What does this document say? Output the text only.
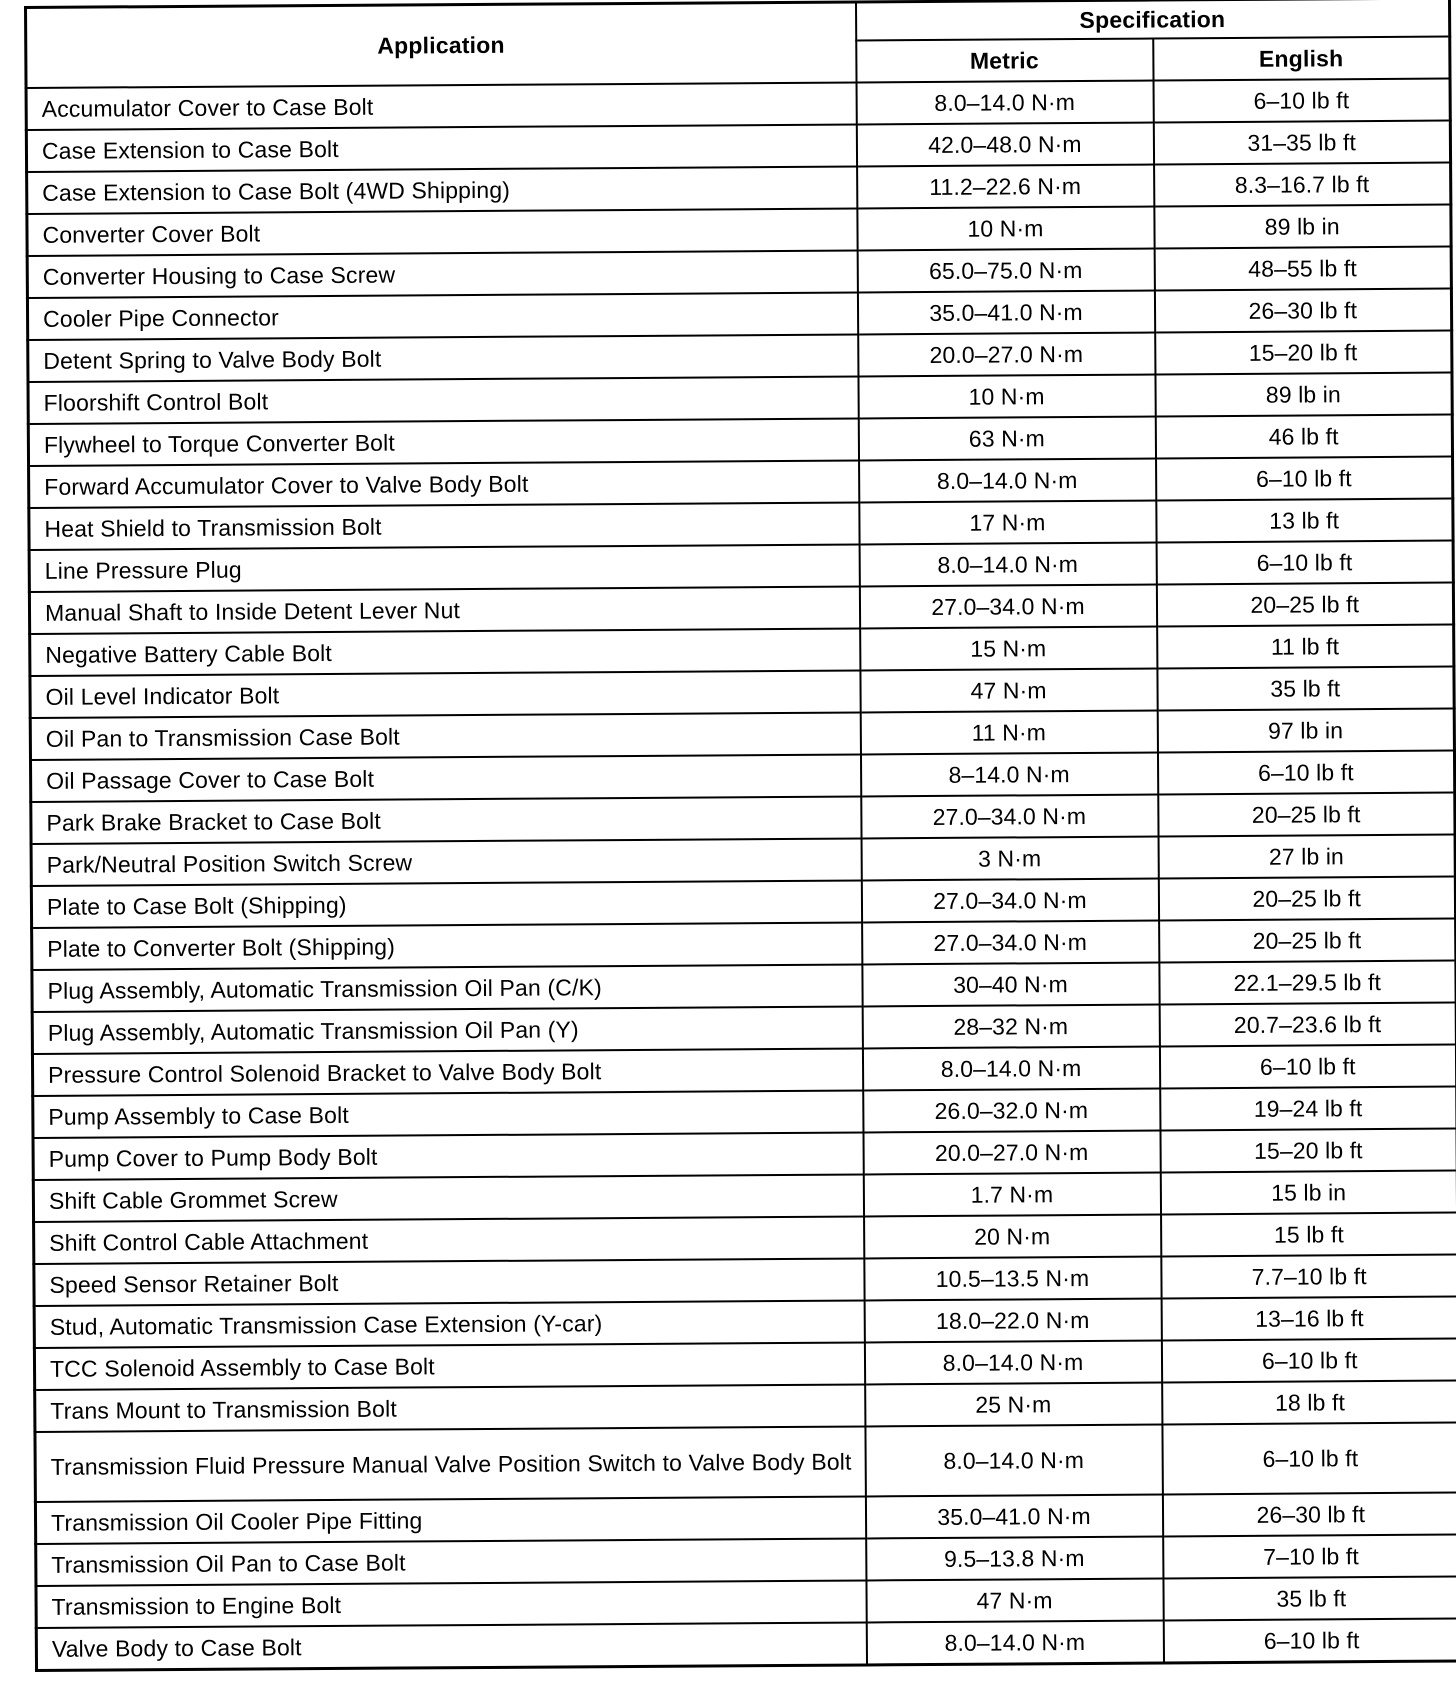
Application	Specification	
	Metric	English
Accumulator Cover to Case Bolt	8.0–14.0 N·m	6–10 lb ft
Case Extension to Case Bolt	42.0–48.0 N·m	31–35 lb ft
Case Extension to Case Bolt (4WD Shipping)	11.2–22.6 N·m	8.3–16.7 lb ft
Converter Cover Bolt	10 N·m	89 lb in
Converter Housing to Case Screw	65.0–75.0 N·m	48–55 lb ft
Cooler Pipe Connector	35.0–41.0 N·m	26–30 lb ft
Detent Spring to Valve Body Bolt	20.0–27.0 N·m	15–20 lb ft
Floorshift Control Bolt	10 N·m	89 lb in
Flywheel to Torque Converter Bolt	63 N·m	46 lb ft
Forward Accumulator Cover to Valve Body Bolt	8.0–14.0 N·m	6–10 lb ft
Heat Shield to Transmission Bolt	17 N·m	13 lb ft
Line Pressure Plug	8.0–14.0 N·m	6–10 lb ft
Manual Shaft to Inside Detent Lever Nut	27.0–34.0 N·m	20–25 lb ft
Negative Battery Cable Bolt	15 N·m	11 lb ft
Oil Level Indicator Bolt	47 N·m	35 lb ft
Oil Pan to Transmission Case Bolt	11 N·m	97 lb in
Oil Passage Cover to Case Bolt	8–14.0 N·m	6–10 lb ft
Park Brake Bracket to Case Bolt	27.0–34.0 N·m	20–25 lb ft
Park/Neutral Position Switch Screw	3 N·m	27 lb in
Plate to Case Bolt (Shipping)	27.0–34.0 N·m	20–25 lb ft
Plate to Converter Bolt (Shipping)	27.0–34.0 N·m	20–25 lb ft
Plug Assembly, Automatic Transmission Oil Pan (C/K)	30–40 N·m	22.1–29.5 lb ft
Plug Assembly, Automatic Transmission Oil Pan (Y)	28–32 N·m	20.7–23.6 lb ft
Pressure Control Solenoid Bracket to Valve Body Bolt	8.0–14.0 N·m	6–10 lb ft
Pump Assembly to Case Bolt	26.0–32.0 N·m	19–24 lb ft
Pump Cover to Pump Body Bolt	20.0–27.0 N·m	15–20 lb ft
Shift Cable Grommet Screw	1.7 N·m	15 lb in
Shift Control Cable Attachment	20 N·m	15 lb ft
Speed Sensor Retainer Bolt	10.5–13.5 N·m	7.7–10 lb ft
Stud, Automatic Transmission Case Extension (Y-car)	18.0–22.0 N·m	13–16 lb ft
TCC Solenoid Assembly to Case Bolt	8.0–14.0 N·m	6–10 lb ft
Trans Mount to Transmission Bolt	25 N·m	18 lb ft
Transmission Fluid Pressure Manual Valve Position Switch to Valve Body Bolt	8.0–14.0 N·m	6–10 lb ft
Transmission Oil Cooler Pipe Fitting	35.0–41.0 N·m	26–30 lb ft
Transmission Oil Pan to Case Bolt	9.5–13.8 N·m	7–10 lb ft
Transmission to Engine Bolt	47 N·m	35 lb ft
Valve Body to Case Bolt	8.0–14.0 N·m	6–10 lb ft
